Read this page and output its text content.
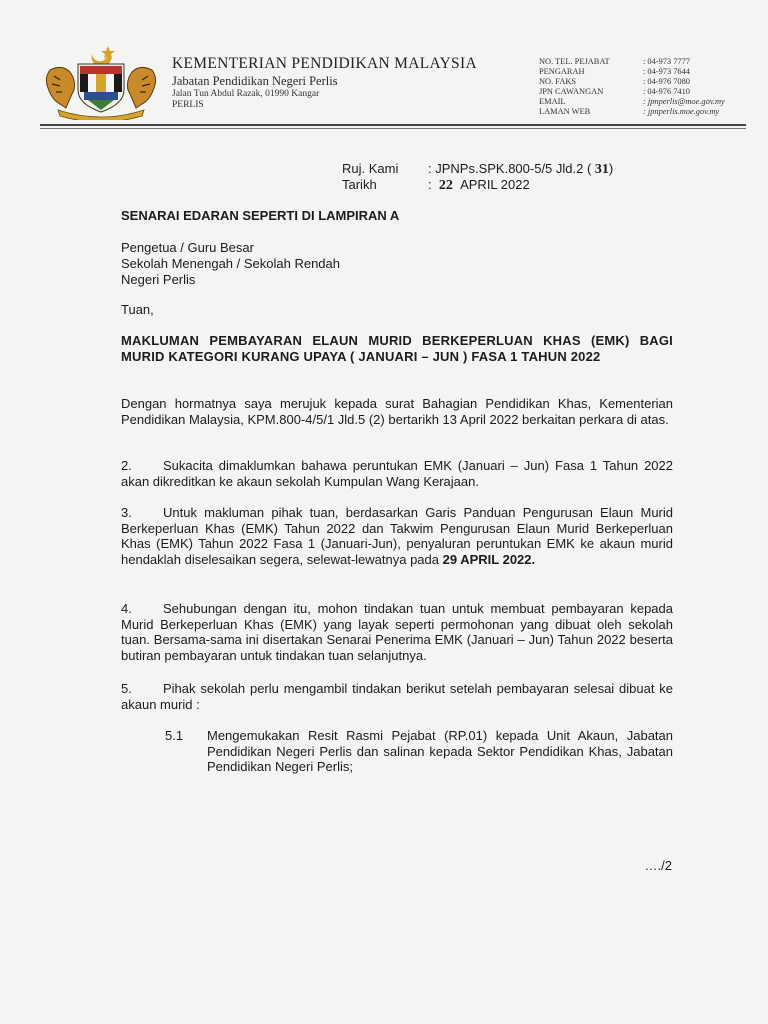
KEMENTERIAN PENDIDIKAN MALAYSIA
Jabatan Pendidikan Negeri Perlis
Jalan Tun Abdul Razak, 01990 Kangar
PERLIS
NO. TEL. PEJABAT	: 04-973 7777
PENGARAH	: 04-973 7644
NO. FAKS	: 04-976 7080
JPN CAWANGAN	: 04-976 7410
EMAIL	: jpnperlis@moe.gov.my
LAMAN WEB	: jpnperlis.moe.gov.my
Ruj. Kami : JPNPs.SPK.800-5/5 Jld.2 ( 31)
Tarikh	: 22 APRIL 2022
SENARAI EDARAN SEPERTI DI LAMPIRAN A
Pengetua / Guru Besar
Sekolah Menengah / Sekolah Rendah
Negeri Perlis
Tuan,
MAKLUMAN PEMBAYARAN ELAUN MURID BERKEPERLUAN KHAS (EMK) BAGI MURID KATEGORI KURANG UPAYA ( JANUARI – JUN ) FASA 1 TAHUN 2022

Dengan hormatnya saya merujuk kepada surat Bahagian Pendidikan Khas, Kementerian Pendidikan Malaysia, KPM.800-4/5/1 Jld.5 (2) bertarikh 13 April 2022 berkaitan perkara di atas.

2. Sukacita dimaklumkan bahawa peruntukan EMK (Januari – Jun) Fasa 1 Tahun 2022 akan dikreditkan ke akaun sekolah Kumpulan Wang Kerajaan.

3. Untuk makluman pihak tuan, berdasarkan Garis Panduan Pengurusan Elaun Murid Berkeperluan Khas (EMK) Tahun 2022 dan Takwim Pengurusan Elaun Murid Berkeperluan Khas (EMK) Tahun 2022 Fasa 1 (Januari-Jun), penyaluran peruntukan EMK ke akaun murid hendaklah diselesaikan segera, selewat-lewatnya pada 29 APRIL 2022.

4. Sehubungan dengan itu, mohon tindakan tuan untuk membuat pembayaran kepada Murid Berkeperluan Khas (EMK) yang layak seperti permohonan yang dibuat oleh sekolah tuan. Bersama-sama ini disertakan Senarai Penerima EMK (Januari – Jun) Tahun 2022 beserta butiran pembayaran untuk tindakan tuan selanjutnya.

5. Pihak sekolah perlu mengambil tindakan berikut setelah pembayaran selesai dibuat ke akaun murid :

5.1 Mengemukakan Resit Rasmi Pejabat (RP.01) kepada Unit Akaun, Jabatan Pendidikan Negeri Perlis dan salinan kepada Sektor Pendidikan Khas, Jabatan Pendidikan Negeri Perlis;
…./2
